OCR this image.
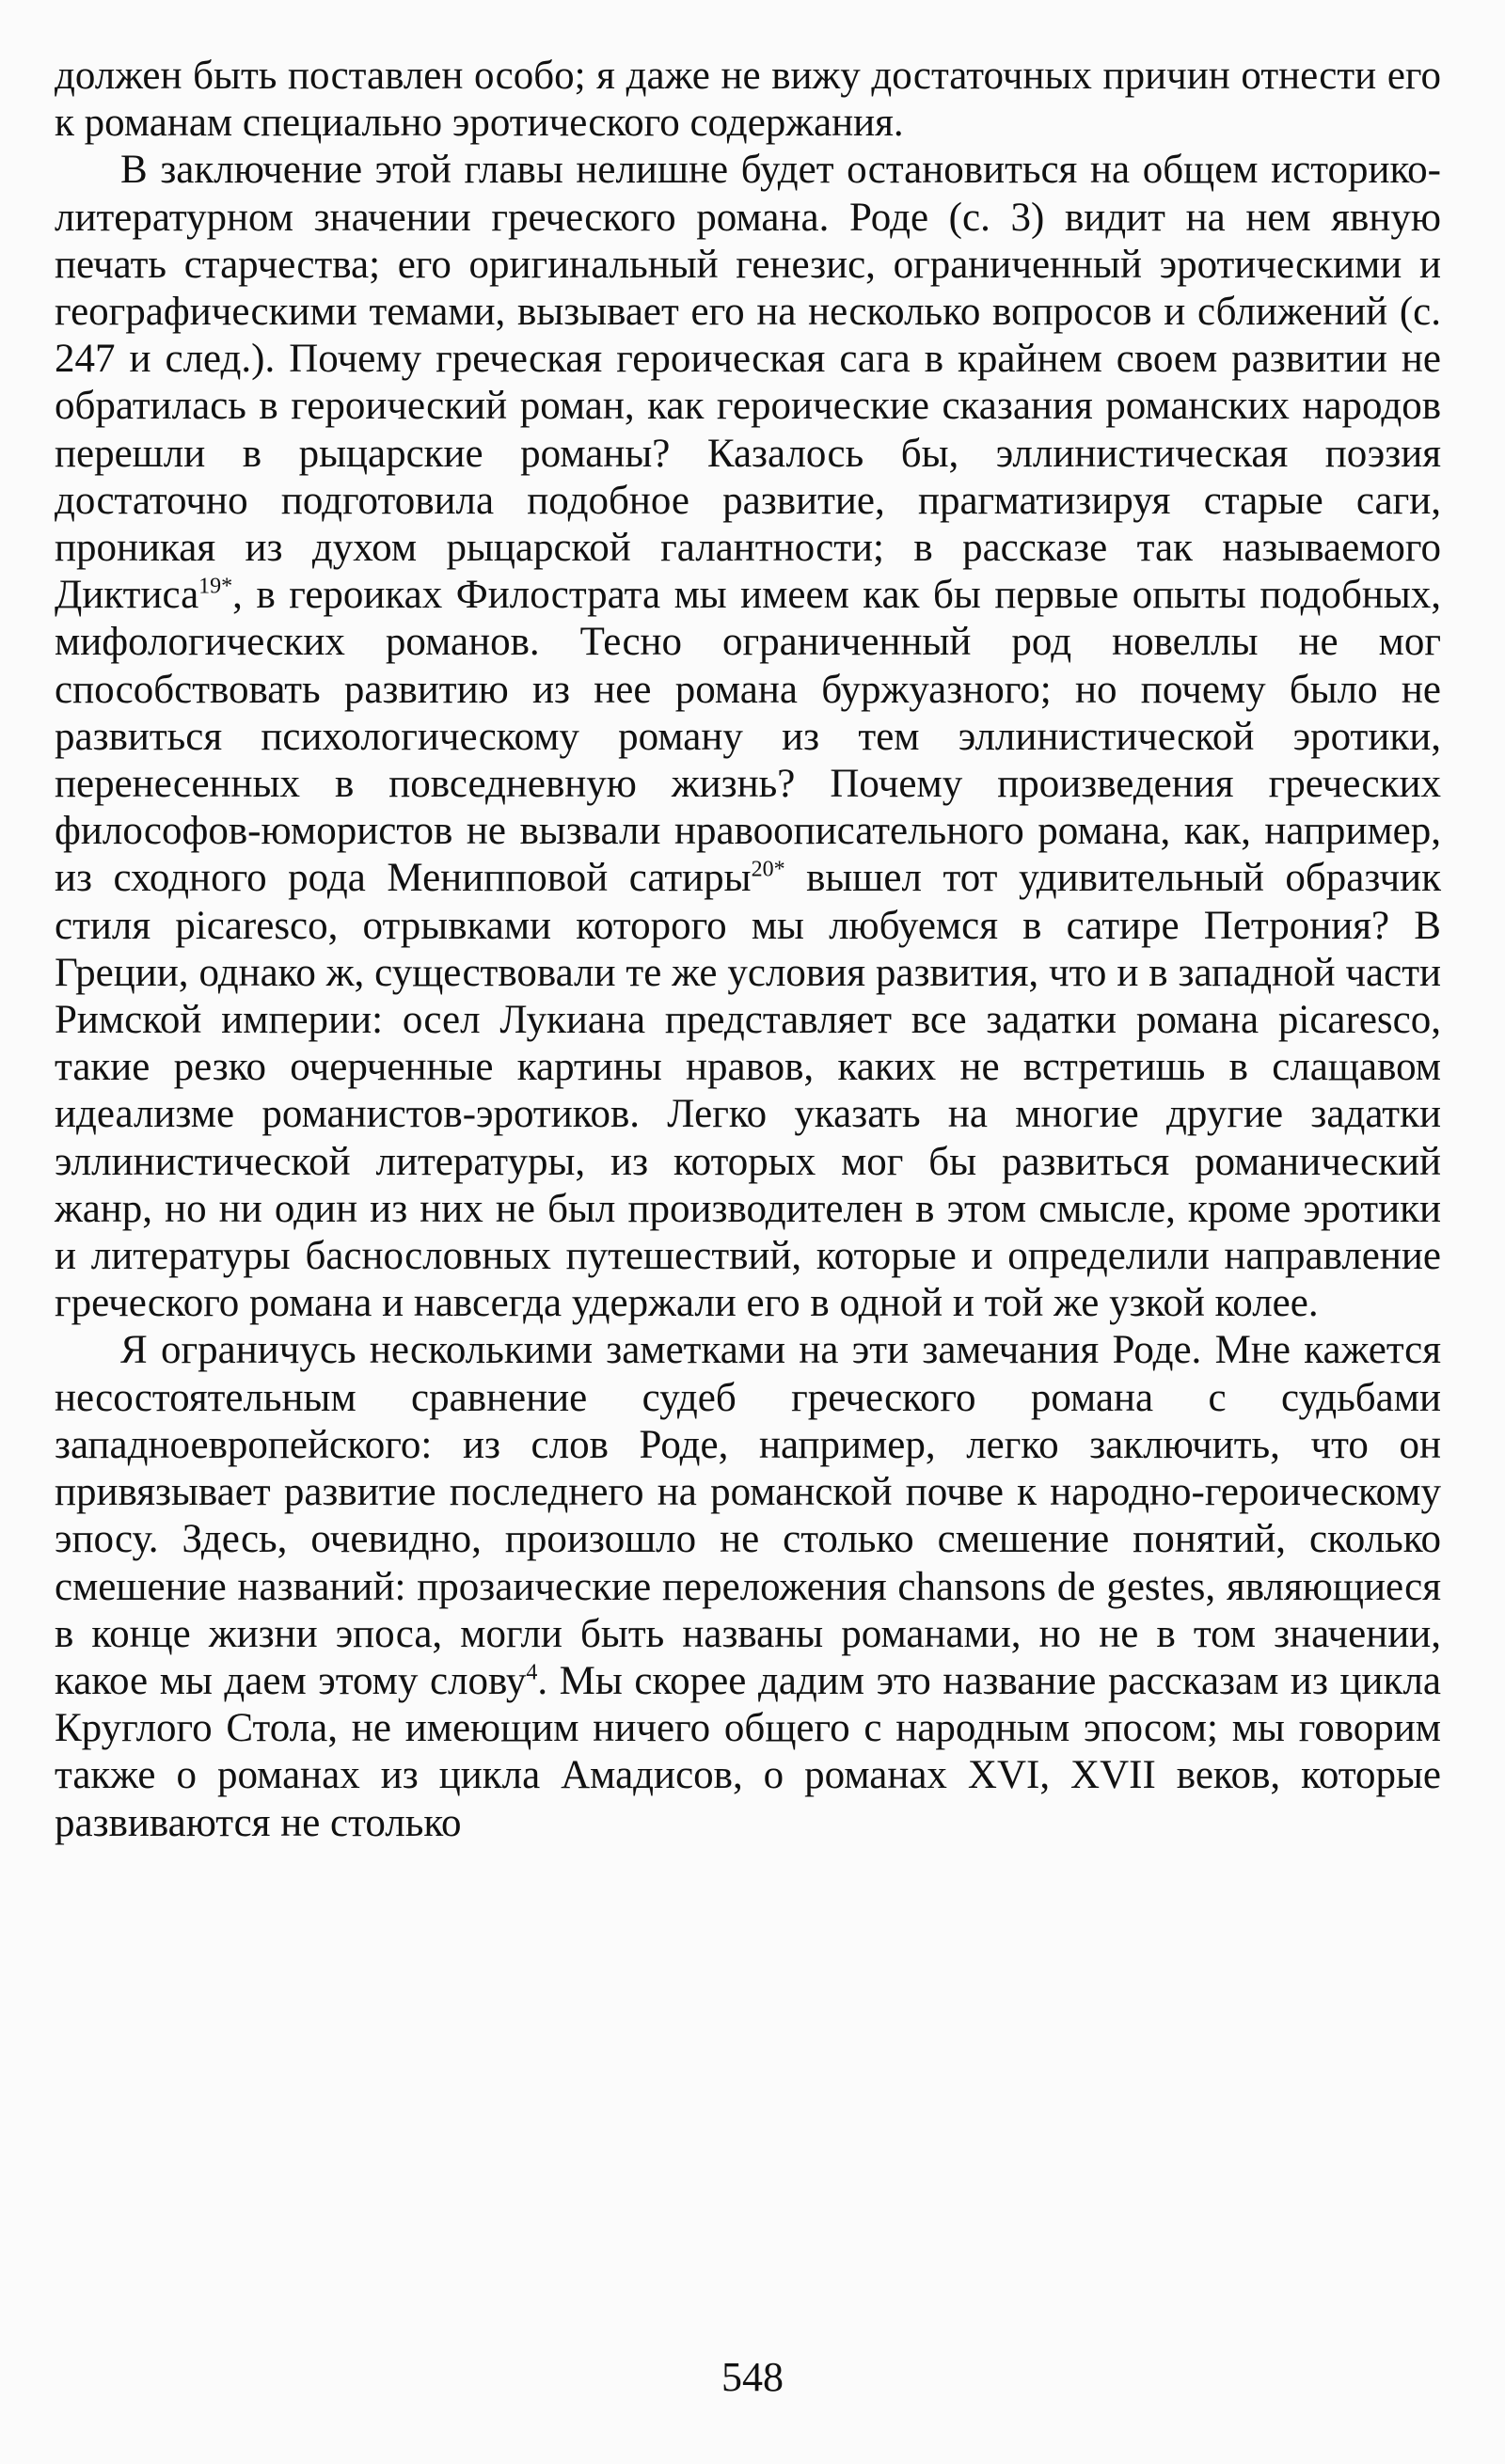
должен быть поставлен особо; я даже не вижу достаточных причин отнести его к романам специально эротического содержания.

В заключение этой главы нелишне будет остановиться на общем историко-литературном значении греческого романа. Роде (с. 3) видит на нем явную печать старчества; его оригинальный генезис, ограниченный эротическими и географическими темами, вызывает его на несколько вопросов и сближений (с. 247 и след.). Почему греческая героическая сага в крайнем своем развитии не обратилась в героический роман, как героические сказания романских народов перешли в рыцарские романы? Казалось бы, эллинистическая поэзия достаточно подготовила подобное развитие, прагматизируя старые саги, проникая из духом рыцарской галантности; в рассказе так называемого Диктиса$^{19*}$, в героиках Филострата мы имеем как бы первые опыты подобных, мифологических романов. Тесно ограниченный род новеллы не мог способствовать развитию из нее романа буржуазного; но почему было не развиться психологическому роману из тем эллинистической эротики, перенесенных в повседневную жизнь? Почему произведения греческих философов-юмористов не вызвали нравоописательного романа, как, например, из сходного рода Менипповой сатиры$^{20*}$ вышел тот удивительный образчик стиля picaresco, отрывками которого мы любуемся в сатире Петрония? В Греции, однако ж, существовали те же условия развития, что и в западной части Римской империи: осел Лукиана представляет все задатки романа picaresco, такие резко очерченные картины нравов, каких не встретишь в слащавом идеализме романистов-эротиков. Легко указать на многие другие задатки эллинистической литературы, из которых мог бы развиться романический жанр, но ни один из них не был производителен в этом смысле, кроме эротики и литературы баснословных путешествий, которые и определили направление греческого романа и навсегда удержали его в одной и той же узкой колее.

Я ограничусь несколькими заметками на эти замечания Роде. Мне кажется несостоятельным сравнение судеб греческого романа с судьбами западноевропейского: из слов Роде, например, легко заключить, что он привязывает развитие последнего на романской почве к народно-героическому эпосу. Здесь, очевидно, произошло не столько смешение понятий, сколько смешение названий: прозаические переложения chansons de gestes, являющиеся в конце жизни эпоса, могли быть названы романами, но не в том значении, какое мы даем этому слову$^4$. Мы скорее дадим это название рассказам из цикла Круглого Стола, не имеющим ничего общего с народным эпосом; мы говорим также о романах из цикла Амадисов, о романах XVI, XVII веков, которые развиваются не столько

548
